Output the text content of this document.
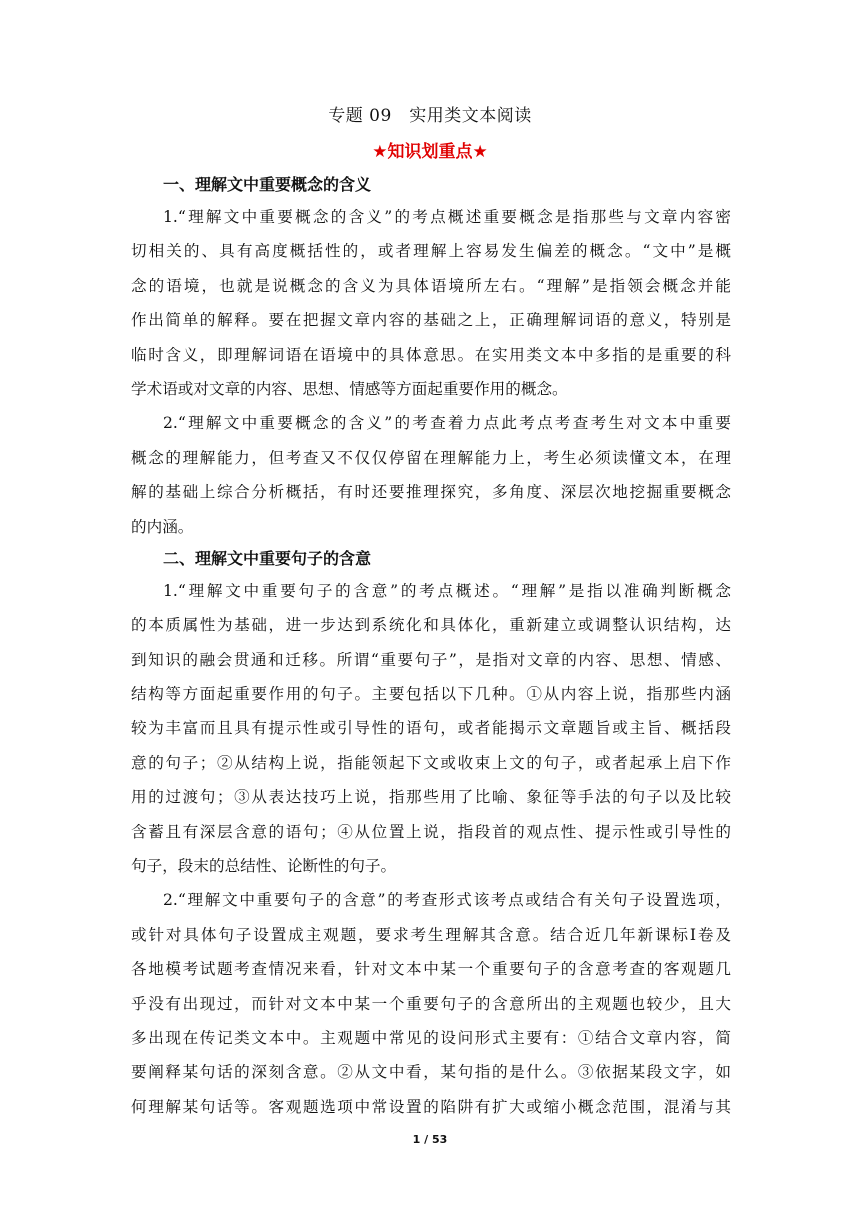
专题 09　实用类文本阅读
★知识划重点★
一、理解文中重要概念的含义
1.“理解文中重要概念的含义”的考点概述重要概念是指那些与文章内容密
切相关的、具有高度概括性的，或者理解上容易发生偏差的概念。“文中”是概
念的语境，也就是说概念的含义为具体语境所左右。“理解”是指领会概念并能
作出简单的解释。要在把握文章内容的基础之上，正确理解词语的意义，特别是
临时含义，即理解词语在语境中的具体意思。在实用类文本中多指的是重要的科
学术语或对文章的内容、思想、情感等方面起重要作用的概念。
2.“理解文中重要概念的含义”的考查着力点此考点考查考生对文本中重要
概念的理解能力，但考查又不仅仅停留在理解能力上，考生必须读懂文本，在理
解的基础上综合分析概括，有时还要推理探究，多角度、深层次地挖掘重要概念
的内涵。
二、理解文中重要句子的含意
1.“理解文中重要句子的含意”的考点概述。“理解”是指以准确判断概念
的本质属性为基础，进一步达到系统化和具体化，重新建立或调整认识结构，达
到知识的融会贯通和迁移。所谓“重要句子”，是指对文章的内容、思想、情感、
结构等方面起重要作用的句子。主要包括以下几种。①从内容上说，指那些内涵
较为丰富而且具有提示性或引导性的语句，或者能揭示文章题旨或主旨、概括段
意的句子；②从结构上说，指能领起下文或收束上文的句子，或者起承上启下作
用的过渡句；③从表达技巧上说，指那些用了比喻、象征等手法的句子以及比较
含蓄且有深层含意的语句；④从位置上说，指段首的观点性、提示性或引导性的
句子，段末的总结性、论断性的句子。
2.“理解文中重要句子的含意”的考查形式该考点或结合有关句子设置选项，
或针对具体句子设置成主观题，要求考生理解其含意。结合近几年新课标Ⅰ卷及
各地模考试题考查情况来看，针对文本中某一个重要句子的含意考查的客观题几
乎没有出现过，而针对文本中某一个重要句子的含意所出的主观题也较少，且大
多出现在传记类文本中。主观题中常见的设问形式主要有：①结合文章内容，简
要阐释某句话的深刻含意。②从文中看，某句指的是什么。③依据某段文字，如
何理解某句话等。客观题选项中常设置的陷阱有扩大或缩小概念范围，混淆与其
1 / 53
